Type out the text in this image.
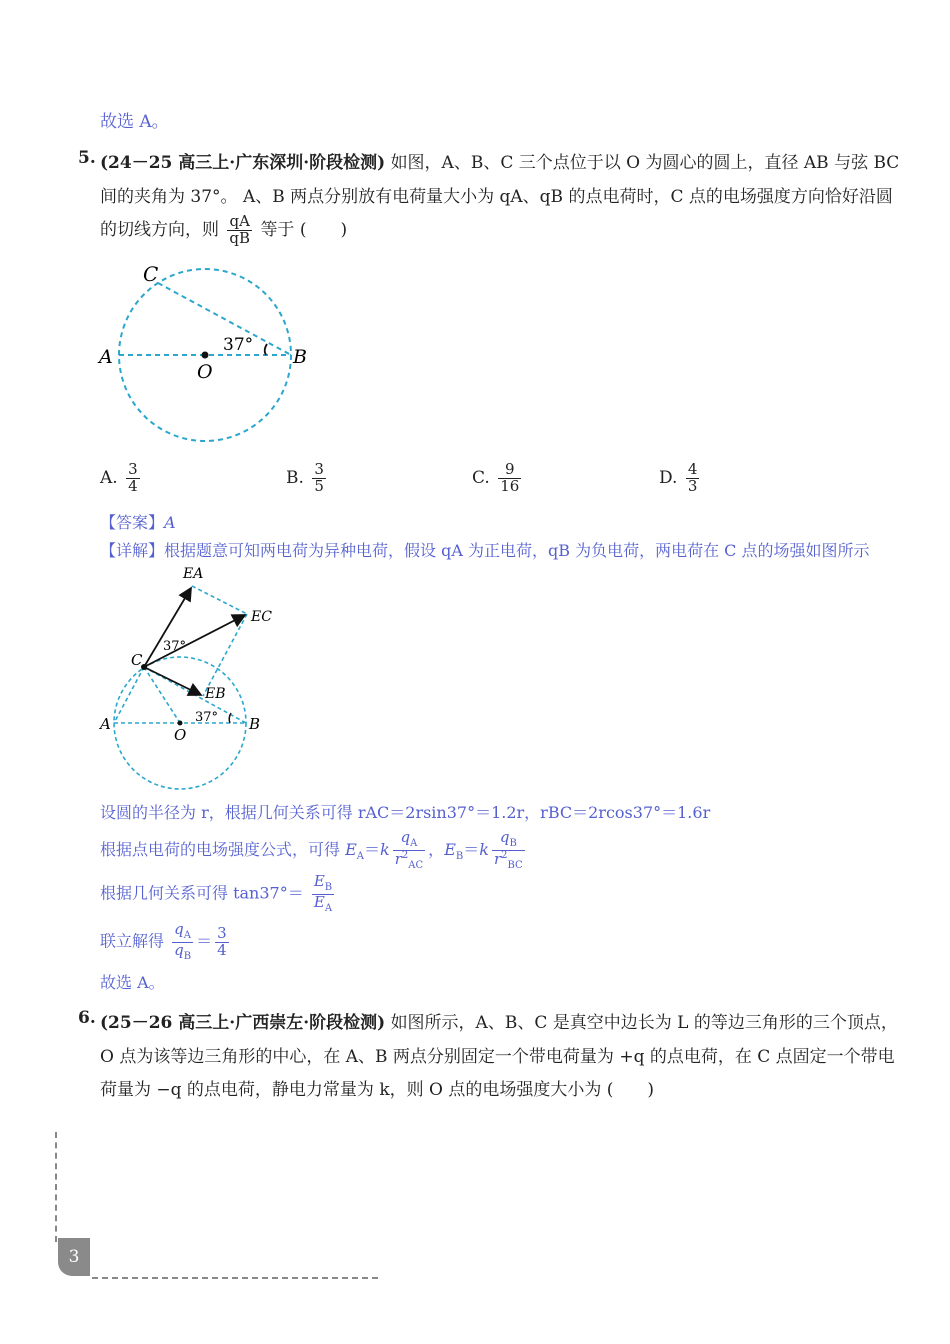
故选 A。
5. (24－25 高三上·广东深圳·阶段检测) 如图，A、B、C 三个点位于以 O 为圆心的圆上，直径 AB 与弦 BC
间的夹角为 37°。 A、B 两点分别放有电荷量大小为 qA、qB 的点电荷时，C 点的电场强度方向恰好沿圆
的切线方向，则 $\frac{qA}{qB}$ 等于 (　　)
C
A	B
O
37°
A. $\frac{3}{4}$	B. $\frac{3}{5}$	C. $\frac{9}{16}$	D. $\frac{4}{3}$
【答案】A
【详解】根据题意可知两电荷为异种电荷，假设 qA 为正电荷，qB 为负电荷，两电荷在 C 点的场强如图所示
EA
EC
EB
C
A	B
O
37°
37°
设圆的半径为 r，根据几何关系可得 rAC＝2rsin37°＝1.2r，rBC＝2rcos37°＝1.6r
根据点电荷的电场强度公式，可得 $E_A=k \frac{q_A}{r^2_{AC}}$ ，$E_B=k \frac{q_B}{r^2_{BC}}$
根据几何关系可得 $\tan 37^\circ= \frac{E_B}{E_A}$
联立解得 $\frac{q_A}{q_B} = \frac{3}{4}$
故选 A。
6. (25－26 高三上·广西崇左·阶段检测) 如图所示，A、B、C 是真空中边长为 L 的等边三角形的三个顶点，
O 点为该等边三角形的中心，在 A、B 两点分别固定一个带电荷量为 +q 的点电荷，在 C 点固定一个带电
荷量为 −q 的点电荷，静电力常量为 k，则 O 点的电场强度大小为 (　　)
3
